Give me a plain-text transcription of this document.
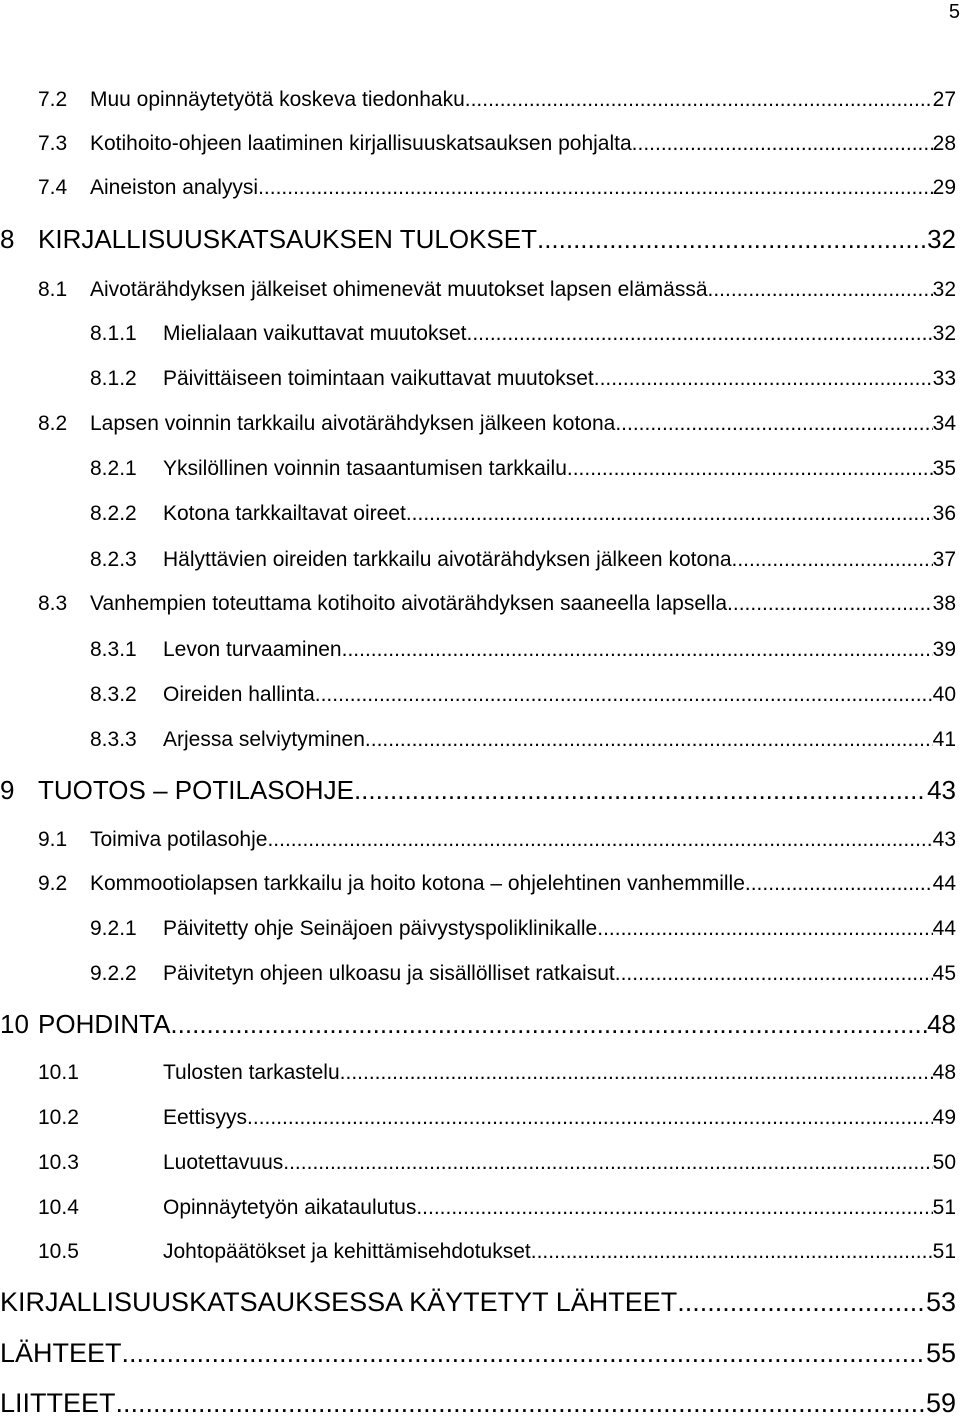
5
7.2	Muu opinnäytetyötä koskeva tiedonhaku .....	27
7.3	Kotihoito-ohjeen laatiminen kirjallisuuskatsauksen pohjalta .....	28
7.4	Aineiston analyysi .....	29
8 KIRJALLISUUSKATSAUKSEN TULOKSET .....	32
8.1	Aivotärähdyksen jälkeiset ohimenevät muutokset lapsen elämässä .....	32
8.1.1	Mielialaan vaikuttavat muutokset .....	32
8.1.2	Päivittäiseen toimintaan vaikuttavat muutokset .....	33
8.2	Lapsen voinnin tarkkailu aivotärähdyksen jälkeen kotona .....	34
8.2.1	Yksilöllinen voinnin tasaantumisen tarkkailu .....	35
8.2.2	Kotona tarkkailtavat oireet .....	36
8.2.3	Hälyttävien oireiden tarkkailu aivotärähdyksen jälkeen kotona .....	37
8.3	Vanhempien toteuttama kotihoito aivotärähdyksen saaneella lapsella .....	38
8.3.1	Levon turvaaminen .....	39
8.3.2	Oireiden hallinta .....	40
8.3.3	Arjessa selviytyminen .....	41
9 TUOTOS – POTILASOHJE .....	43
9.1	Toimiva potilasohje .....	43
9.2	Kommootiolapsen tarkkailu ja hoito kotona – ohjelehtinen vanhemmille .....	44
9.2.1	Päivitetty ohje Seinäjoen päivystyspoliklinikalle .....	44
9.2.2	Päivitetyn ohjeen ulkoasu ja sisällölliset ratkaisut .....	45
10 POHDINTA .....	48
10.1	Tulosten tarkastelu .....	48
10.2	Eettisyys .....	49
10.3	Luotettavuus .....	50
10.4	Opinnäytetyön aikataulutus .....	51
10.5	Johtopäätökset ja kehittämisehdotukset .....	51
KIRJALLISUUSKATSAUKSESSA KÄYTETYT LÄHTEET .....	53
LÄHTEET .....	55
LIITTEET .....	59
